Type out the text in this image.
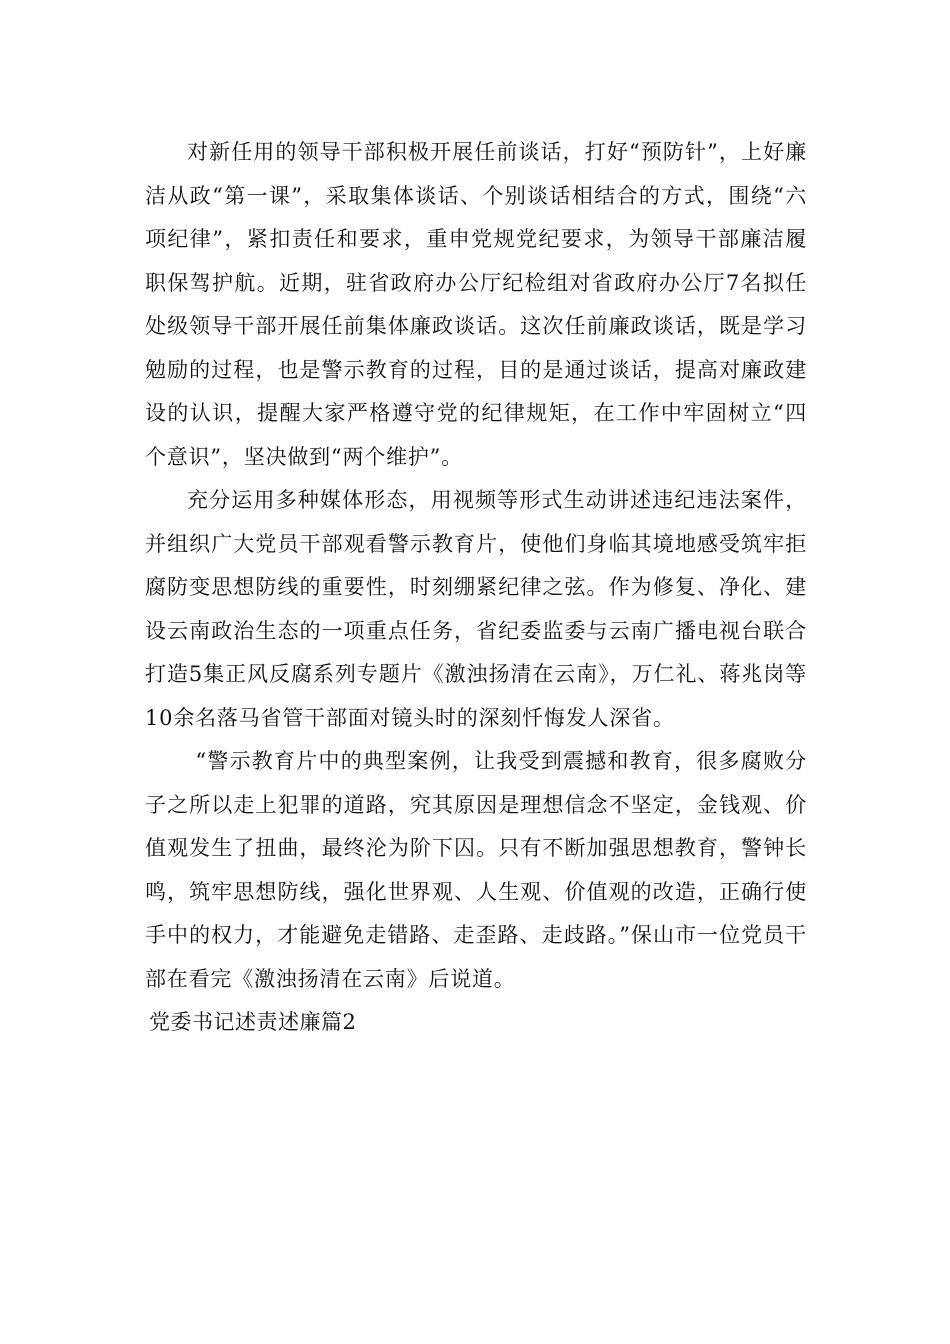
对新任用的领导干部积极开展任前谈话，打好“预防针”，上好廉洁从政“第一课”，采取集体谈话、个别谈话相结合的方式，围绕“六项纪律”，紧扣责任和要求，重申党规党纪要求，为领导干部廉洁履职保驾护航。近期，驻省政府办公厅纪检组对省政府办公厅7名拟任处级领导干部开展任前集体廉政谈话。这次任前廉政谈话，既是学习勉励的过程，也是警示教育的过程，目的是通过谈话，提高对廉政建设的认识，提醒大家严格遵守党的纪律规矩，在工作中牢固树立“四个意识”，坚决做到“两个维护”。

充分运用多种媒体形态，用视频等形式生动讲述违纪违法案件，并组织广大党员干部观看警示教育片，使他们身临其境地感受筑牢拒腐防变思想防线的重要性，时刻绷紧纪律之弦。作为修复、净化、建设云南政治生态的一项重点任务，省纪委监委与云南广播电视台联合打造5集正风反腐系列专题片《激浊扬清在云南》，万仁礼、蒋兆岗等10余名落马省管干部面对镜头时的深刻忏悔发人深省。

“警示教育片中的典型案例，让我受到震撼和教育，很多腐败分子之所以走上犯罪的道路，究其原因是理想信念不坚定，金钱观、价值观发生了扭曲，最终沦为阶下囚。只有不断加强思想教育，警钟长鸣，筑牢思想防线，强化世界观、人生观、价值观的改造，正确行使手中的权力，才能避免走错路、走歪路、走歧路。”保山市一位党员干部在看完《激浊扬清在云南》后说道。

党委书记述责述廉篇2
